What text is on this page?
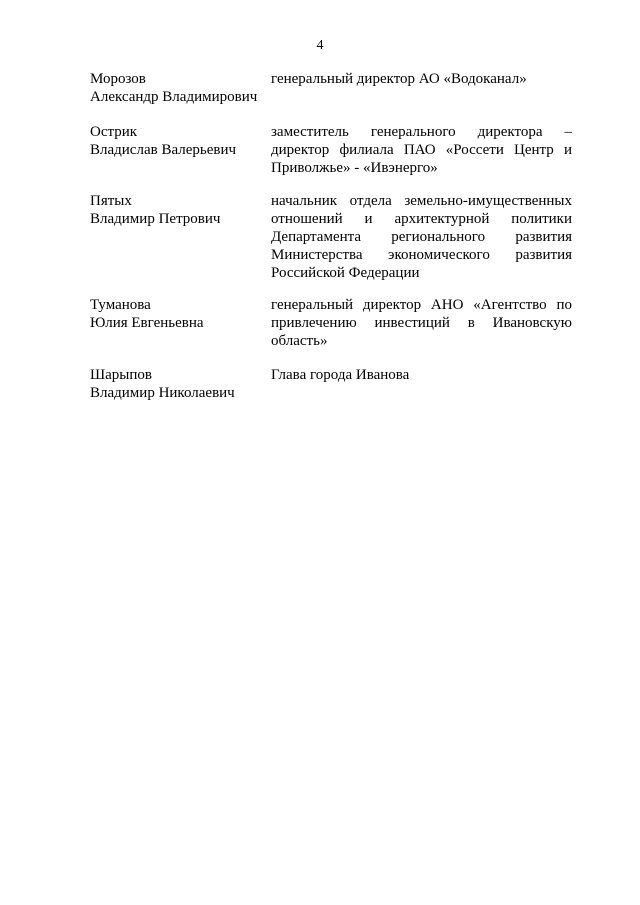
4
Морозов
Александр Владимирович
генеральный директор АО «Водоканал»
Острик
Владислав Валерьевич
заместитель генерального директора – директор филиала ПАО «Россети Центр и Приволжье» - «Ивэнерго»
Пятых
Владимир Петрович
начальник отдела земельно-имущественных отношений и архитектурной политики Департамента регионального развития Министерства экономического развития Российской Федерации
Туманова
Юлия Евгеньевна
генеральный директор АНО «Агентство по привлечению инвестиций в Ивановскую область»
Шарыпов
Владимир Николаевич
Глава города Иванова
